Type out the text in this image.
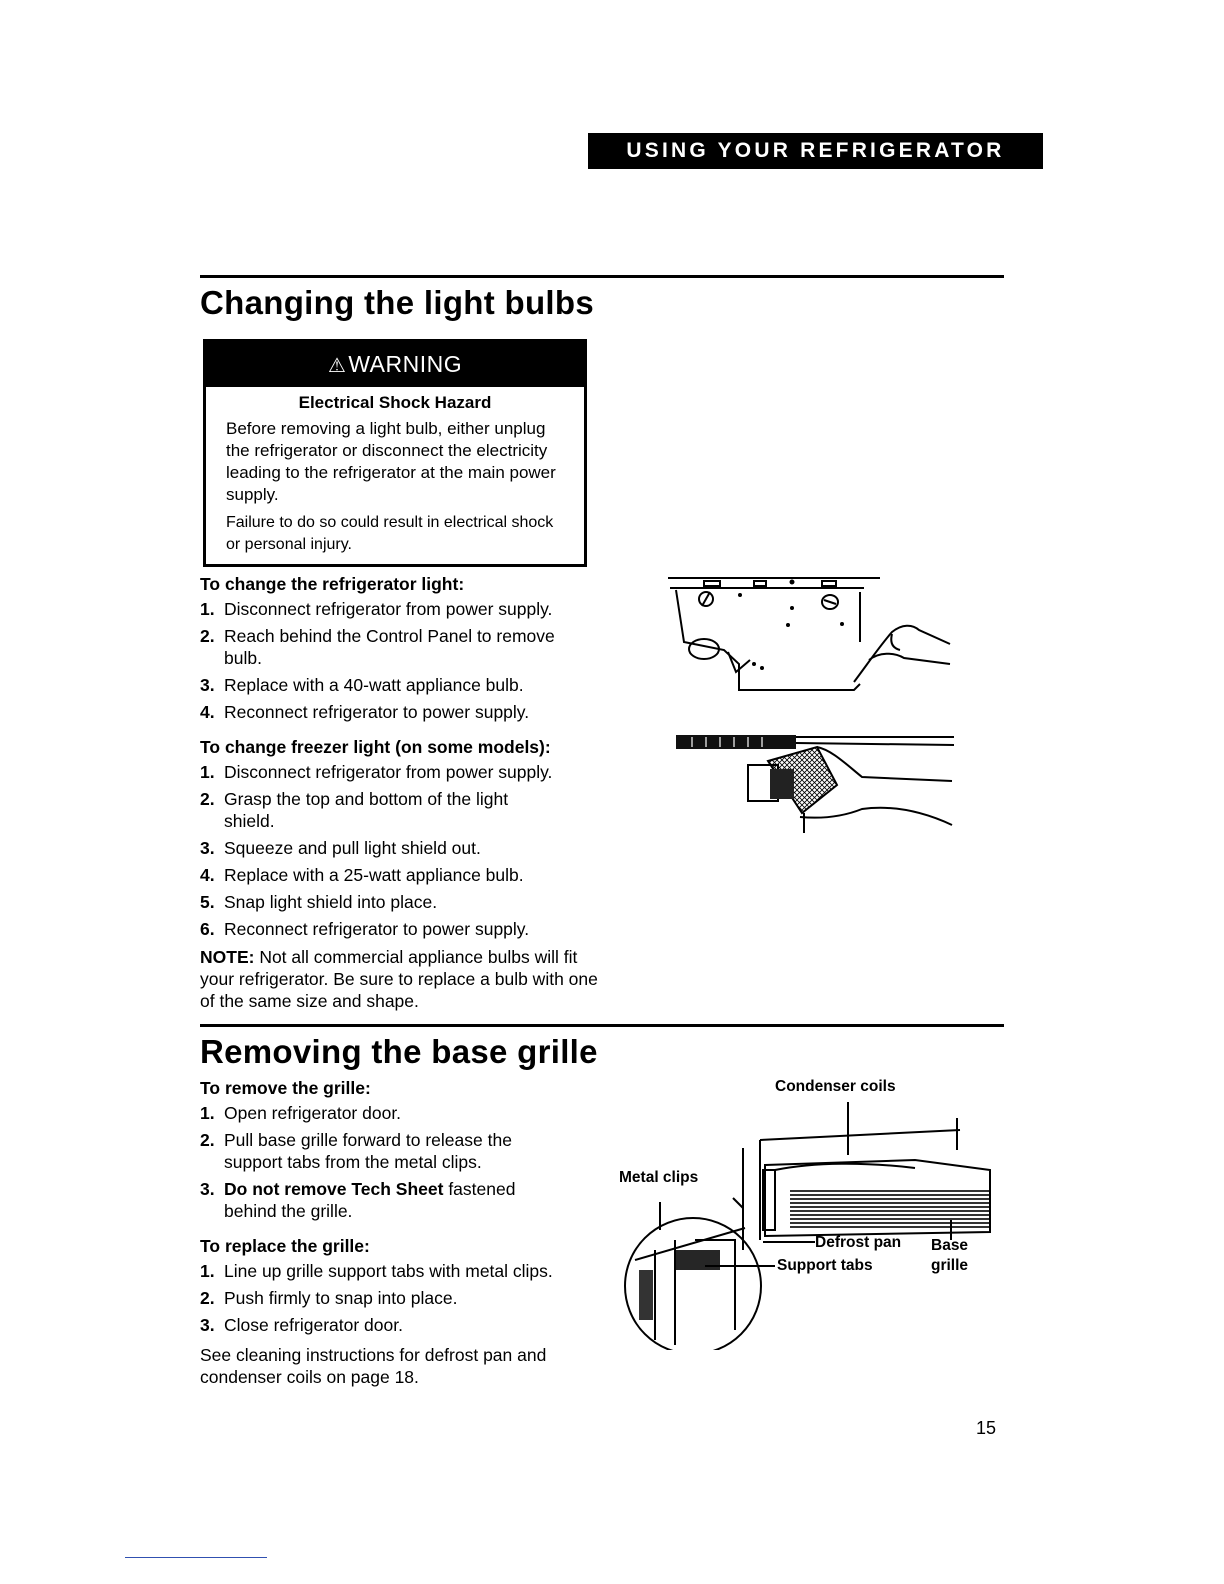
USING YOUR REFRIGERATOR
Changing the light bulbs
⚠WARNING
Electrical Shock Hazard

Before removing a light bulb, either unplug the refrigerator or disconnect the electricity leading to the refrigerator at the main power supply.

Failure to do so could result in electrical shock or personal injury.

To change the refrigerator light:
1. Disconnect refrigerator from power supply.
2. Reach behind the Control Panel to remove bulb.
3. Replace with a 40-watt appliance bulb.
4. Reconnect refrigerator to power supply.
To change freezer light (on some models):
1. Disconnect refrigerator from power supply.
2. Grasp the top and bottom of the light shield.
3. Squeeze and pull light shield out.
4. Replace with a 25-watt appliance bulb.
5. Snap light shield into place.
6. Reconnect refrigerator to power supply.

NOTE: Not all commercial appliance bulbs will fit your refrigerator. Be sure to replace a bulb with one of the same size and shape.

Removing the base grille
To remove the grille:
1. Open refrigerator door.
2. Pull base grille forward to release the support tabs from the metal clips.
3. Do not remove Tech Sheet fastened behind the grille.
To replace the grille:
1. Line up grille support tabs with metal clips.
2. Push firmly to snap into place.
3. Close refrigerator door.

See cleaning instructions for defrost pan and condenser coils on page 18.

Condenser coils
Metal clips
Defrost pan
Support tabs
Base
grille
15
